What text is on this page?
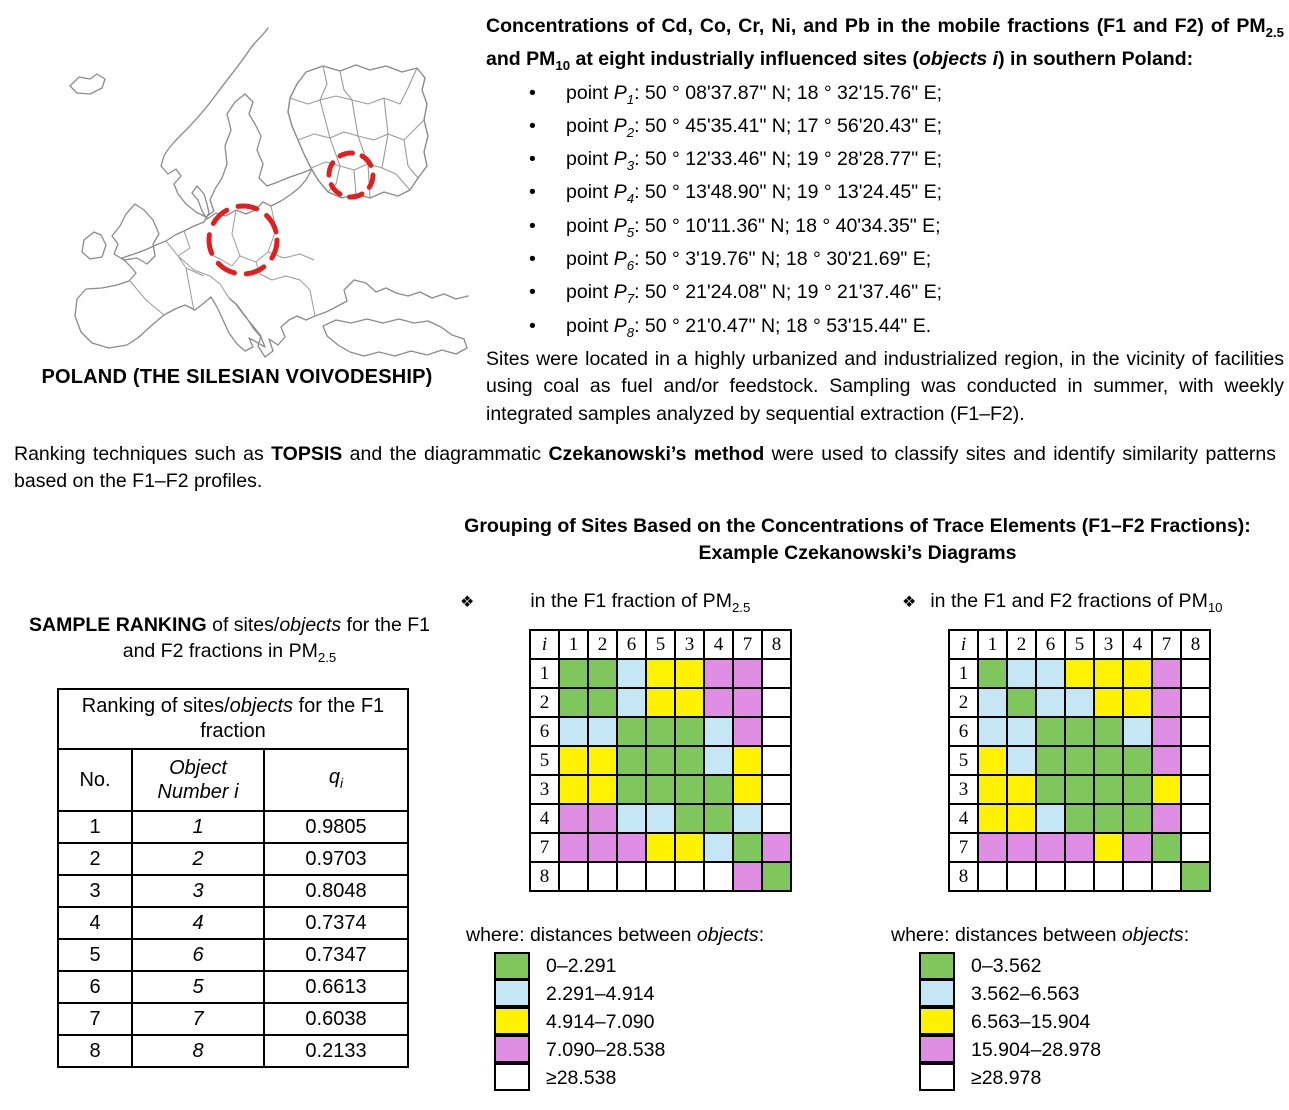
POLAND (THE SILESIAN VOIVODESHIP)
Concentrations of Cd, Co, Cr, Ni, and Pb in the mobile fractions (F1 and F2) of $PM_{2.5}$ and $PM_{10}$ at eight industrially influenced sites (objects i) in southern Poland:
•	point $P_1$: 50 ° 08'37.87" N; 18 ° 32'15.76" E;
•	point $P_2$: 50 ° 45'35.41" N; 17 ° 56'20.43" E;
•	point $P_3$: 50 ° 12'33.46" N; 19 ° 28'28.77" E;
•	point $P_4$: 50 ° 13'48.90" N; 19 ° 13'24.45" E;
•	point $P_5$: 50 ° 10'11.36" N; 18 ° 40'34.35" E;
•	point $P_6$: 50 ° 3'19.76" N; 18 ° 30'21.69" E;
•	point $P_7$: 50 ° 21'24.08" N; 19 ° 21'37.46" E;
•	point $P_8$: 50 ° 21'0.47" N; 18 ° 53'15.44" E.
Sites were located in a highly urbanized and industrialized region, in the vicinity of facilities using coal as fuel and/or feedstock. Sampling was conducted in summer, with weekly integrated samples analyzed by sequential extraction (F1–F2).
Ranking techniques such as TOPSIS and the diagrammatic Czekanowski’s method were used to classify sites and identify similarity patterns based on the F1–F2 profiles.
Grouping of Sites Based on the Concentrations of Trace Elements (F1–F2 Fractions): Example Czekanowski’s Diagrams
SAMPLE RANKING of sites/objects for the F1 and F2 fractions in $PM_{2.5}$
Ranking of sites/objects for the F1 fraction		
No.	Object Number i	$q_i$
1	1	0.9805
2	2	0.9703
3	3	0.8048
4	4	0.7374
5	6	0.7347
6	5	0.6613
7	7	0.6038
8	8	0.2133
❖	in the F1 fraction of $PM_{2.5}$
i	1	2	6	5	3	4	7	8
1								
2								
6								
5								
3								
4								
7								
8								
where: distances between objects:
0–2.291
2.291–4.914
4.914–7.090
7.090–28.538
≥28.538
❖ in the F1 and F2 fractions of $PM_{10}$
i	1	2	6	5	3	4	7	8
1								
2								
6								
5								
3								
4								
7								
8								
where: distances between objects:
0–3.562
3.562–6.563
6.563–15.904
15.904–28.978
≥28.978
